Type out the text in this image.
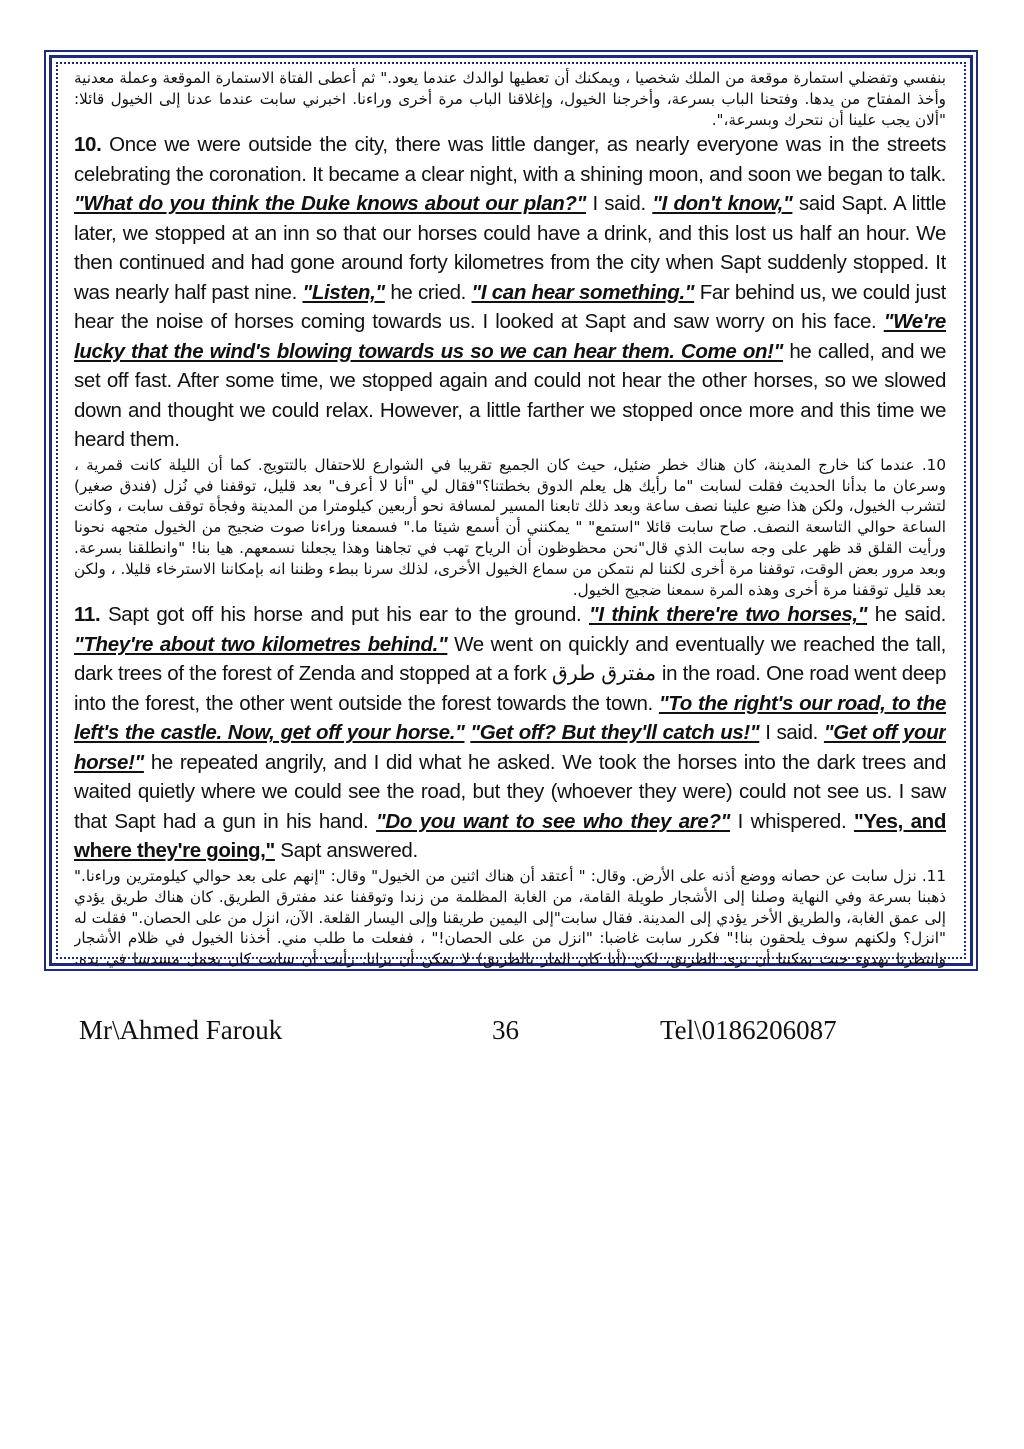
بنفسي وتفضلي استمارة موقعة من الملك شخصيا ، ويمكنك أن تعطيها لوالدك عندما يعود." ثم أعطى الفتاة الاستمارة الموقعة وعملة معدنية وأخذ المفتاح من يدها. وفتحنا الباب بسرعة، وأخرجنا الخيول، وإغلاقنا الباب مرة أخرى وراءنا. اخبرني سابت عندما عدنا إلى الخيول قائلا: "ألان يجب علينا أن نتحرك وبسرعة،".

10. Once we were outside the city, there was little danger, as nearly everyone was in the streets celebrating the coronation. It became a clear night, with a shining moon, and soon we began to talk. "What do you think the Duke knows about our plan?" I said. "I don't know," said Sapt. A little later, we stopped at an inn so that our horses could have a drink, and this lost us half an hour. We then continued and had gone around forty kilometres from the city when Sapt suddenly stopped. It was nearly half past nine. "Listen," he cried. "I can hear something." Far behind us, we could just hear the noise of horses coming towards us. I looked at Sapt and saw worry on his face. "We're lucky that the wind's blowing towards us so we can hear them. Come on!" he called, and we set off fast. After some time, we stopped again and could not hear the other horses, so we slowed down and thought we could relax. However, a little farther we stopped once more and this time we heard them.

10. عندما كنا خارج المدينة، كان هناك خطر ضئيل، حيث كان الجميع تقريبا في الشوارع للاحتفال بالتتويج. كما أن الليلة كانت قمرية ، وسرعان ما بدأنا الحديث فقلت لسابت "ما رأيك هل يعلم الدوق بخطتنا؟"فقال لي "أنا لا أعرف" بعد قليل، توقفنا في نُزل (فندق صغير) لتشرب الخيول، ولكن هذا ضيع علينا نصف ساعة وبعد ذلك تابعنا المسير لمسافة نحو أربعين كيلومترا من المدينة وفجأة توقف سابت ، وكانت الساعة حوالي التاسعة النصف. صاح سابت قائلا "استمع" " يمكنني أن أسمع شيئا ما." فسمعنا وراءنا صوت ضجيج من الخيول متجهه نحونا ورأيت القلق قد ظهر على وجه سابت الذي قال"نحن محظوظون أن الرياح تهب في تجاهنا وهذا يجعلنا نسمعهم. هيا بنا! "وانطلقنا بسرعة. وبعد مرور بعض الوقت، توقفنا مرة أخرى لكننا لم نتمكن من سماع الخيول الأخرى، لذلك سرنا ببطء وظننا انه بإمكاننا الاسترخاء قليلا. ، ولكن بعد قليل توقفنا مرة أخرى وهذه المرة سمعنا ضجيج الخيول.

11. Sapt got off his horse and put his ear to the ground. "I think there're two horses," he said. "They're about two kilometres behind." We went on quickly and eventually we reached the tall, dark trees of the forest of Zenda and stopped at a fork مفترق طرق in the road. One road went deep into the forest, the other went outside the forest towards the town. "To the right's our road, to the left's the castle. Now, get off your horse." "Get off? But they'll catch us!" I said. "Get off your horse!" he repeated angrily, and I did what he asked. We took the horses into the dark trees and waited quietly where we could see the road, but they (whoever they were) could not see us. I saw that Sapt had a gun in his hand. "Do you want to see who they are?" I whispered. "Yes, and where they're going," Sapt answered.

11. نزل سابت عن حصانه ووضع أذنه على الأرض. وقال: " أعتقد أن هناك اثنين من الخيول" وقال: "إنهم على بعد حوالي كيلومترين وراءنا." ذهبنا بسرعة وفي النهاية وصلنا إلى الأشجار طويلة القامة، من الغابة المظلمة من زندا وتوقفنا عند مفترق الطريق. كان هناك طريق يؤدي إلى عمق الغابة، والطريق الأخر يؤدي إلى المدينة. فقال سابت"إلى اليمين طريقنا وإلى اليسار القلعة. الآن، انزل من على الحصان." فقلت له "انزل؟ ولكنهم سوف يلحقون بنا!" فكرر سابت غاضبا: "انزل من على الحصان!" ، ففعلت ما طلب مني. أخذنا الخيول في ظلام الأشجار وانتظرنا بهدوء حيث يمكننا أن نرى الطريق، لكن (أيا كان المار بالطريق) لا يمكن أن يرانا. رأيت أن سابت كان يحمل مسدسا في يده.

Mr\Ahmed Farouk	36	Tel\0186206087
